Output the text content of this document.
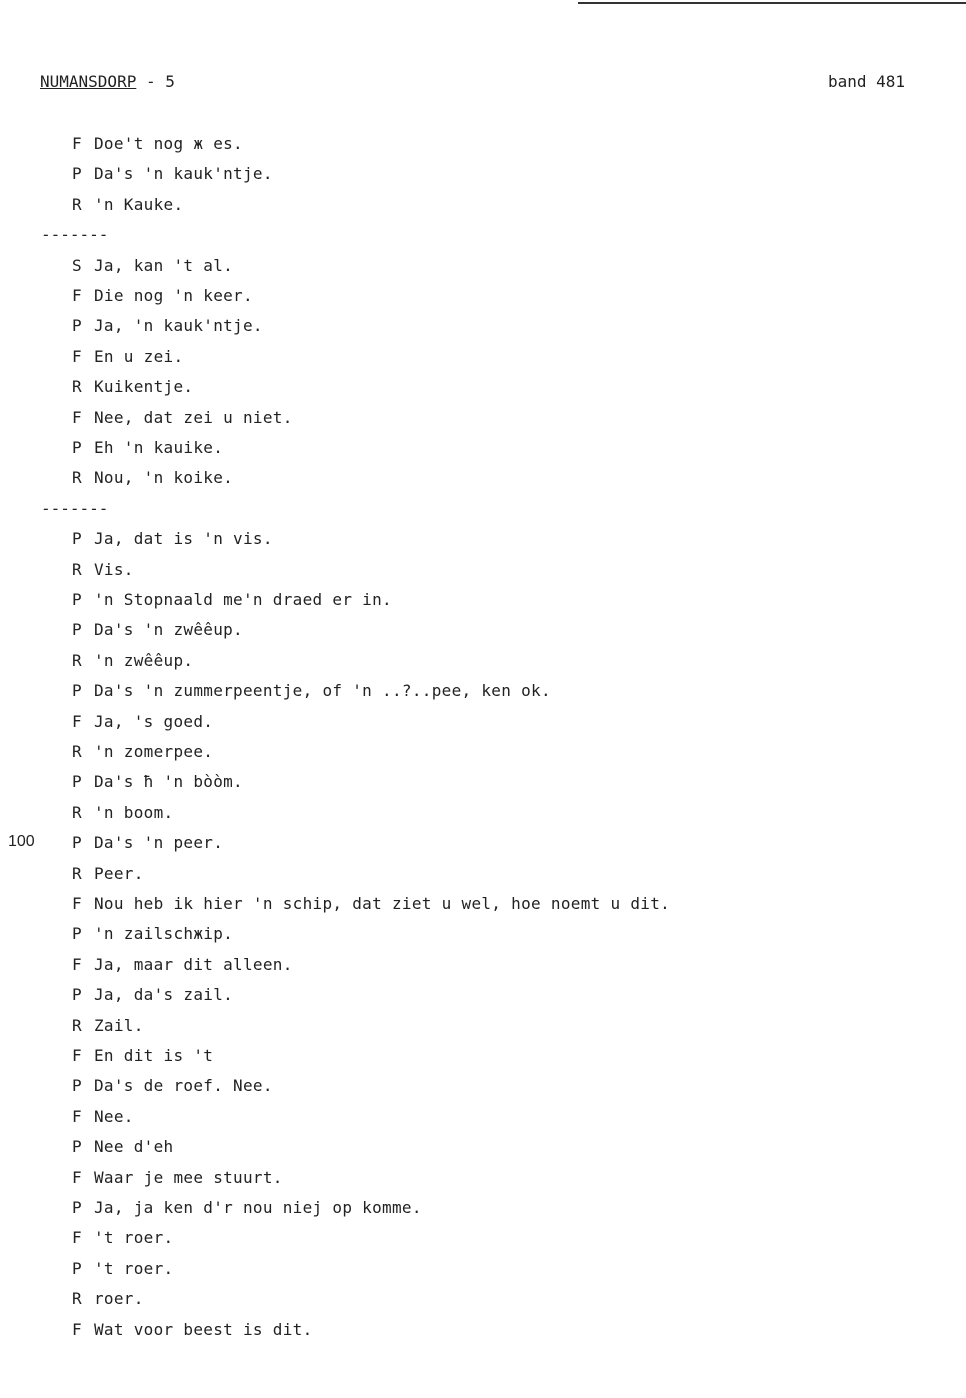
NUMANSDORP - 5	band 481
F Doe't nog ж es.
P Da's 'n kauk'ntje.
R 'n Kauke.
-------
S Ja, kan 't al.
F Die nog 'n keer.
P Ja, 'n kauk'ntje.
F En u zei.
R Kuikentje.
F Nee, dat zei u niet.
P Eh 'n kauike.
R Nou, 'n koike.
-------
P Ja, dat is 'n vis.
R Vis.
P 'n Stopnaald me'n draed er in.
P Da's 'n zwêêup.
R 'n zwêêup.
P Da's 'n zummerpeentje, of 'n ..?..pee, ken ok.
F Ja, 's goed.
R 'n zomerpee.
P Da's ħ 'n bòòm.
R 'n boom.
P Da's 'n peer.
100
R Peer.
F Nou heb ik hier 'n schip, dat ziet u wel, hoe noemt u dit.
P 'n zailschжip.
F Ja, maar dit alleen.
P Ja, da's zail.
R Zail.
F En dit is 't
P Da's de roef. Nee.
F Nee.
P Nee d'eh
F Waar je mee stuurt.
P Ja, ja ken d'r nou niej op komme.
F 't roer.
P 't roer.
R roer.
F Wat voor beest is dit.
